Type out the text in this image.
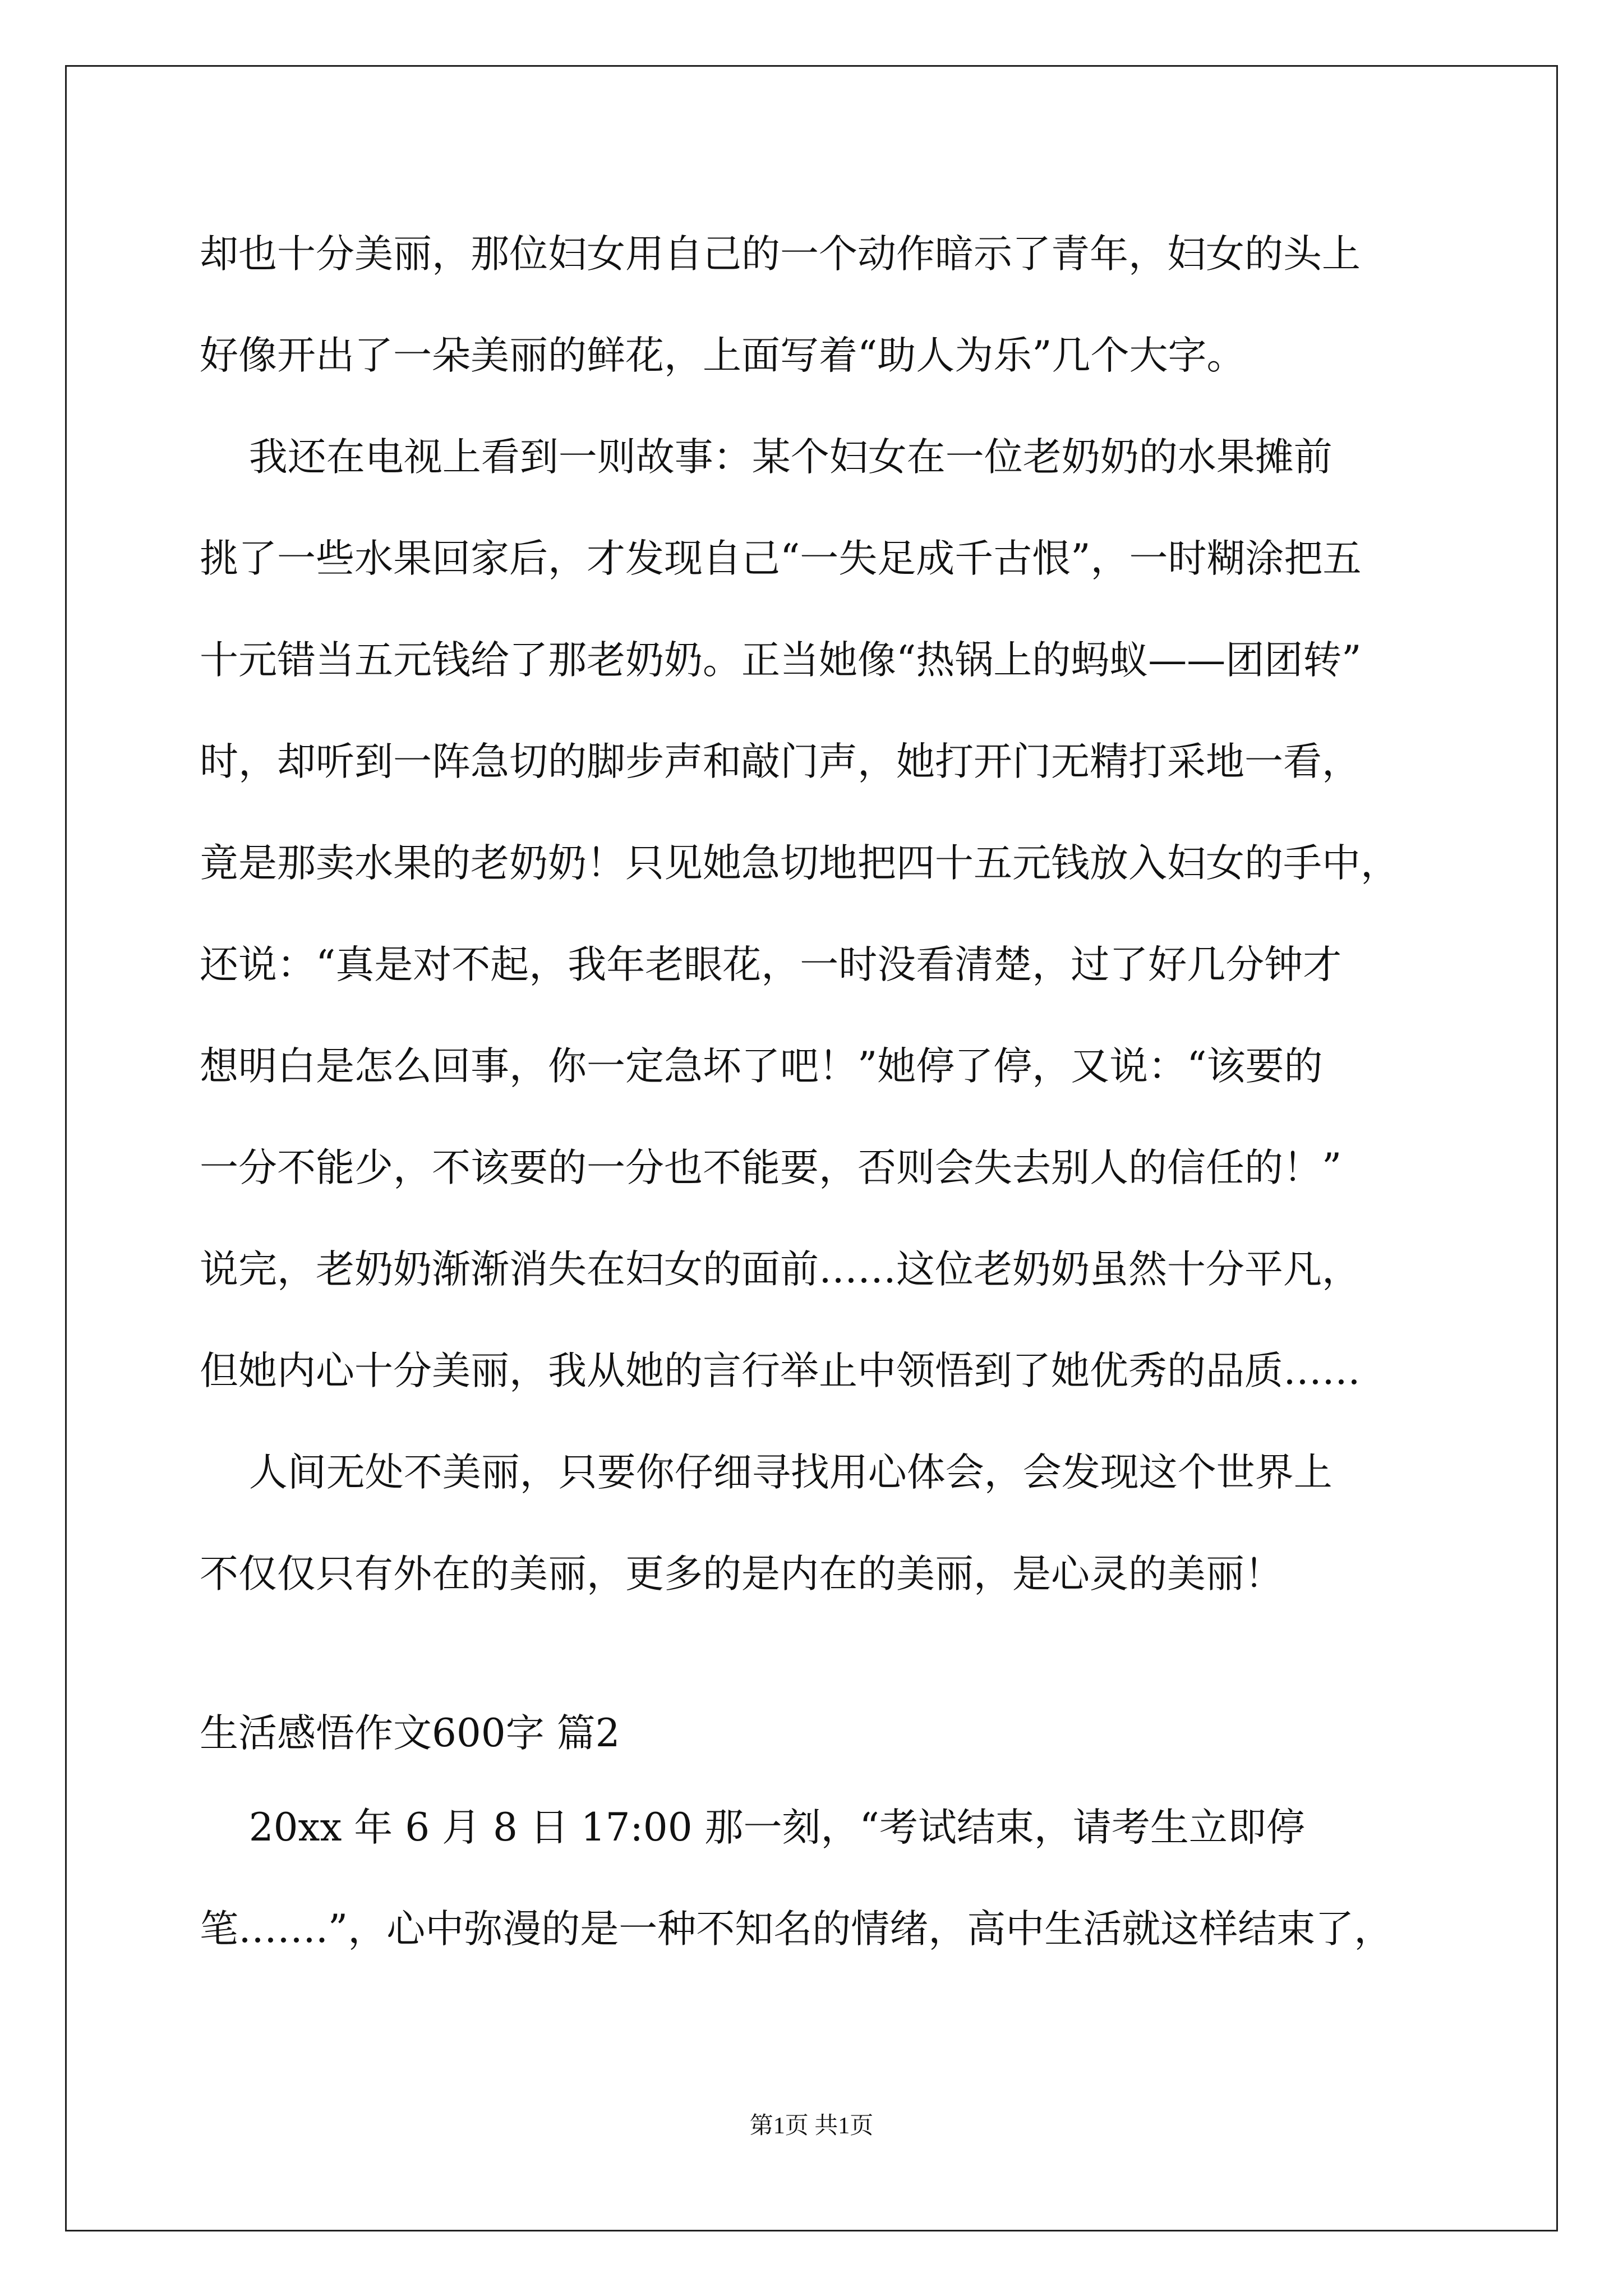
却也十分美丽，那位妇女用自己的一个动作暗示了青年，妇女的头上
好像开出了一朵美丽的鲜花，上面写着“助人为乐”几个大字。
我还在电视上看到一则故事：某个妇女在一位老奶奶的水果摊前
挑了一些水果回家后，才发现自己“一失足成千古恨”，一时糊涂把五
十元错当五元钱给了那老奶奶。正当她像“热锅上的蚂蚁——团团转”
时，却听到一阵急切的脚步声和敲门声，她打开门无精打采地一看，
竟是那卖水果的老奶奶！只见她急切地把四十五元钱放入妇女的手中，
还说：“真是对不起，我年老眼花，一时没看清楚，过了好几分钟才
想明白是怎么回事，你一定急坏了吧！”她停了停，又说：“该要的
一分不能少，不该要的一分也不能要，否则会失去别人的信任的！”
说完，老奶奶渐渐消失在妇女的面前……这位老奶奶虽然十分平凡，
但她内心十分美丽，我从她的言行举止中领悟到了她优秀的品质……
人间无处不美丽，只要你仔细寻找用心体会，会发现这个世界上
不仅仅只有外在的美丽，更多的是内在的美丽，是心灵的美丽！
生活感悟作文600字 篇2
20xx 年 6 月 8 日 17:00 那一刻，“考试结束，请考生立即停
笔…….”，心中弥漫的是一种不知名的情绪，高中生活就这样结束了，
第1页 共1页
